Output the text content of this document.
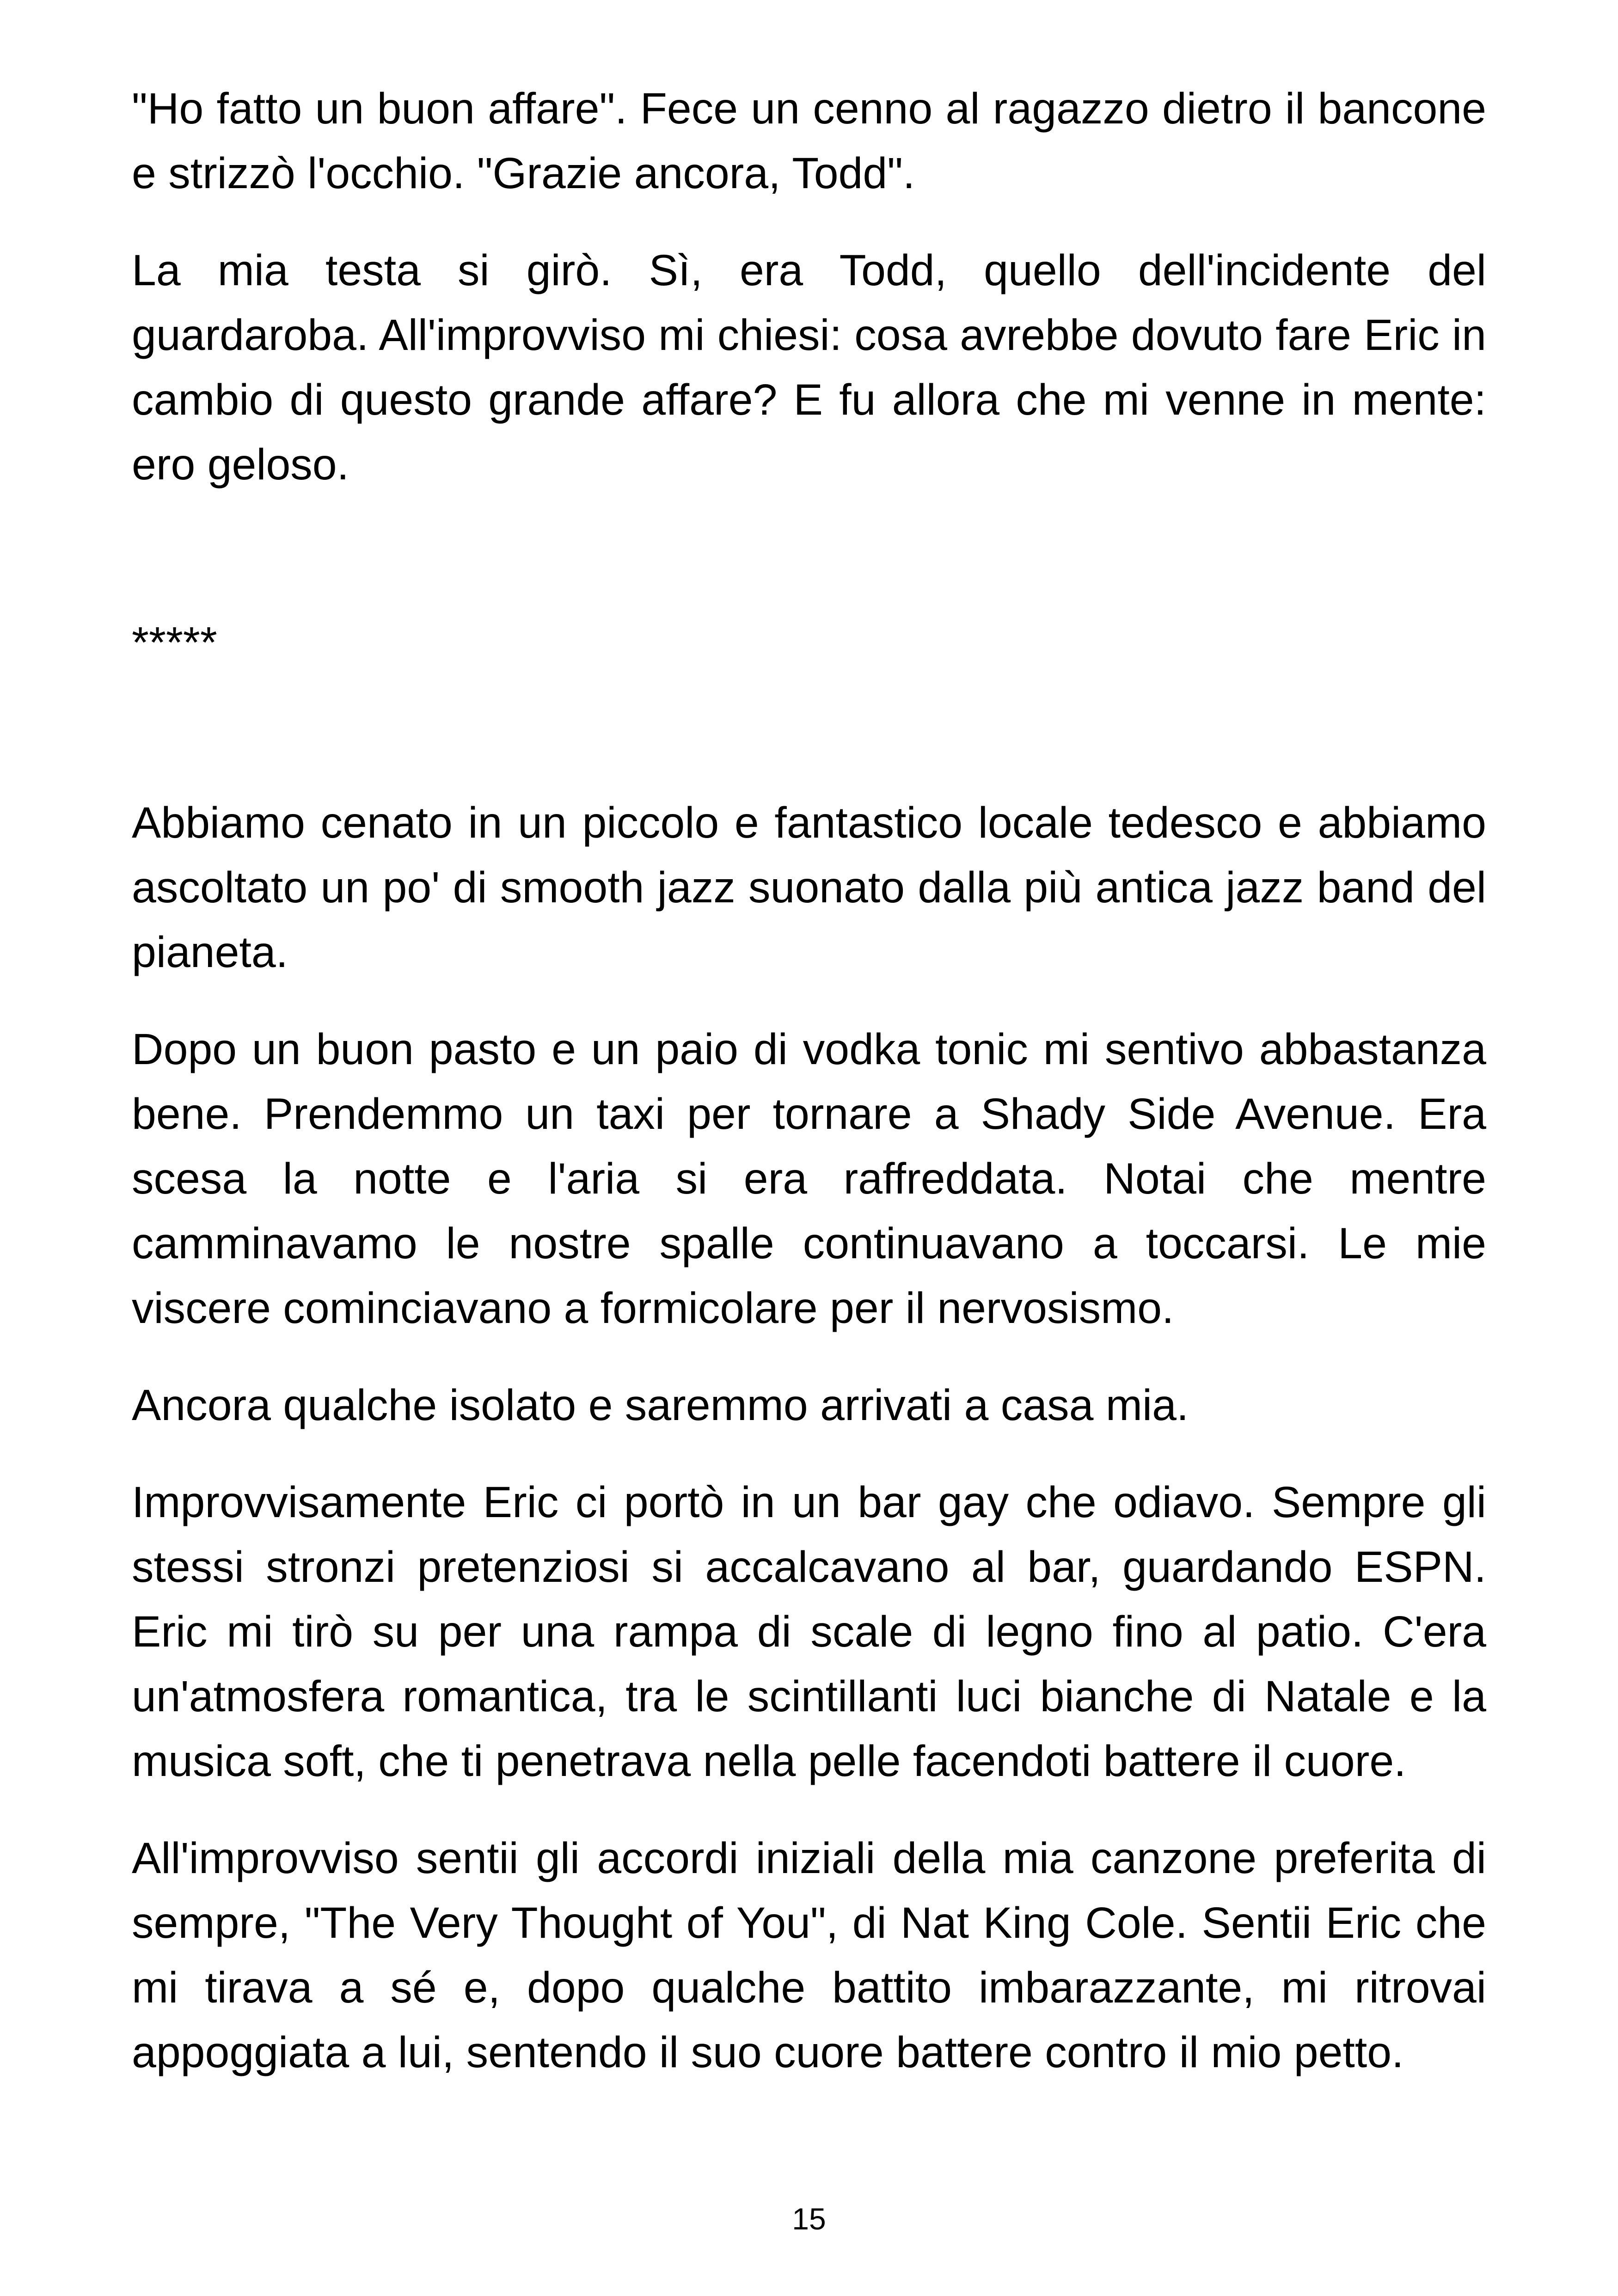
"Ho fatto un buon affare". Fece un cenno al ragazzo dietro il bancone e strizzò l'occhio. "Grazie ancora, Todd".

La mia testa si girò. Sì, era Todd, quello dell'incidente del guardaroba. All'improvviso mi chiesi: cosa avrebbe dovuto fare Eric in cambio di questo grande affare? E fu allora che mi venne in mente: ero geloso.

*****

Abbiamo cenato in un piccolo e fantastico locale tedesco e abbiamo ascoltato un po' di smooth jazz suonato dalla più antica jazz band del pianeta.

Dopo un buon pasto e un paio di vodka tonic mi sentivo abbastanza bene. Prendemmo un taxi per tornare a Shady Side Avenue. Era scesa la notte e l'aria si era raffreddata. Notai che mentre camminavamo le nostre spalle continuavano a toccarsi. Le mie viscere cominciavano a formicolare per il nervosismo.

Ancora qualche isolato e saremmo arrivati a casa mia.

Improvvisamente Eric ci portò in un bar gay che odiavo. Sempre gli stessi stronzi pretenziosi si accalcavano al bar, guardando ESPN. Eric mi tirò su per una rampa di scale di legno fino al patio. C'era un'atmosfera romantica, tra le scintillanti luci bianche di Natale e la musica soft, che ti penetrava nella pelle facendoti battere il cuore.

All'improvviso sentii gli accordi iniziali della mia canzone preferita di sempre, "The Very Thought of You", di Nat King Cole. Sentii Eric che mi tirava a sé e, dopo qualche battito imbarazzante, mi ritrovai appoggiata a lui, sentendo il suo cuore battere contro il mio petto.

15
